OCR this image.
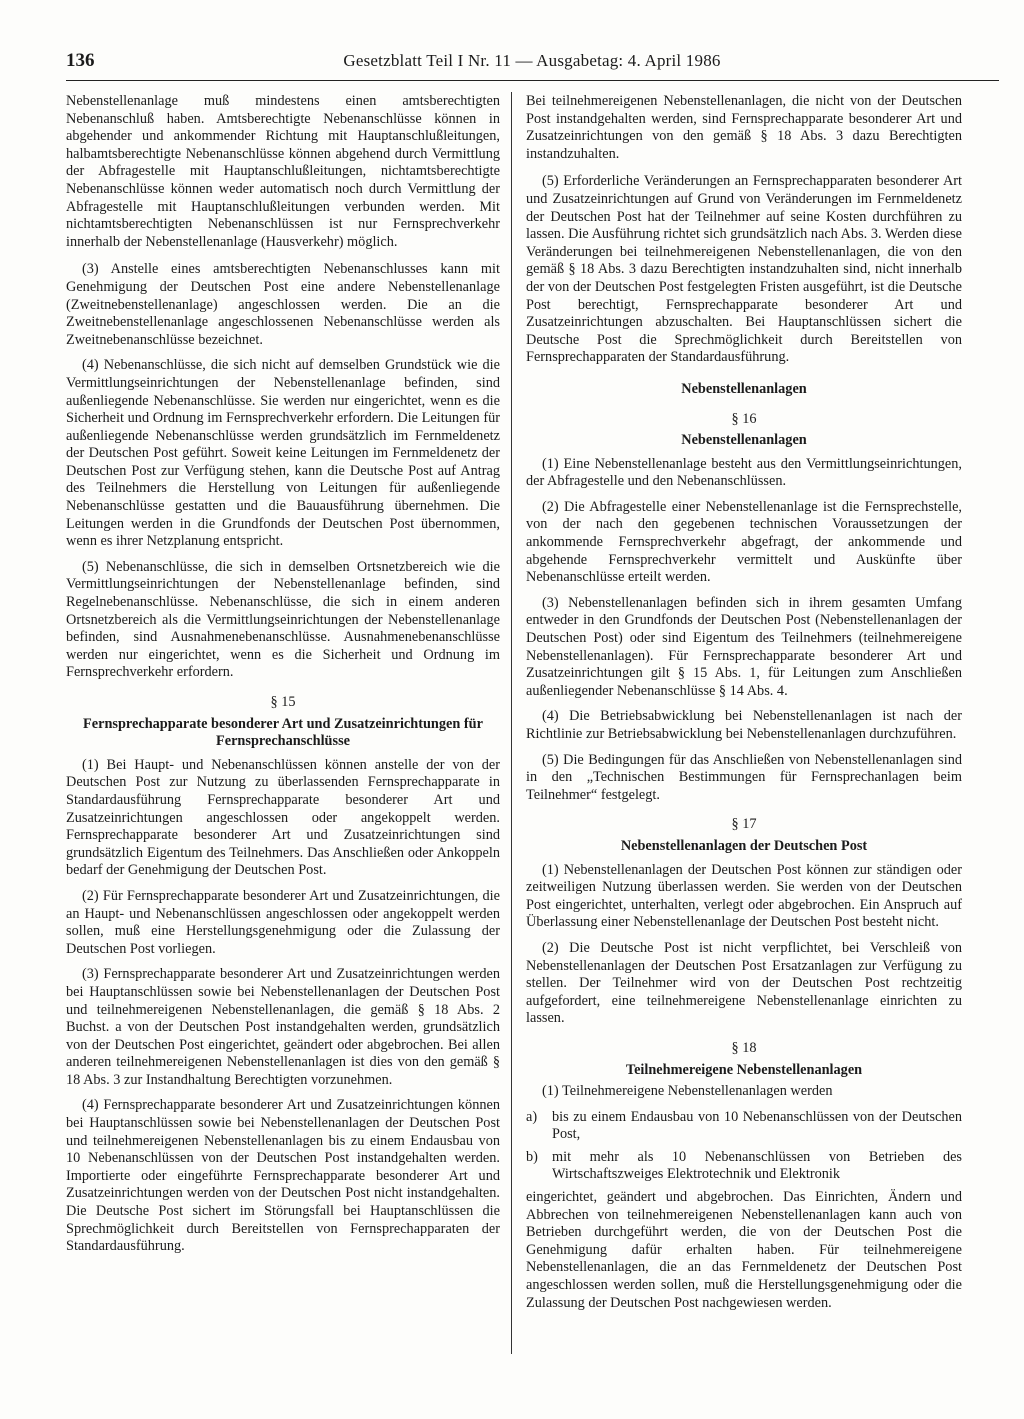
136	Gesetzblatt Teil I Nr. 11 — Ausgabetag: 4. April 1986

Nebenstellenanlage muß mindestens einen amtsberechtigten Nebenanschluß haben. Amtsberechtigte Nebenanschlüsse können in abgehender und ankommender Richtung mit Hauptanschlußleitungen, halbamtsberechtigte Nebenanschlüsse können abgehend durch Vermittlung der Abfragestelle mit Hauptanschlußleitungen, nichtamtsberechtigte Nebenanschlüsse können weder automatisch noch durch Vermittlung der Abfragestelle mit Hauptanschlußleitungen verbunden werden. Mit nichtamtsberechtigten Nebenanschlüssen ist nur Fernsprechverkehr innerhalb der Nebenstellenanlage (Hausverkehr) möglich.

(3) Anstelle eines amtsberechtigten Nebenanschlusses kann mit Genehmigung der Deutschen Post eine andere Nebenstellenanlage (Zweitnebenstellenanlage) angeschlossen werden. Die an die Zweitnebenstellenanlage angeschlossenen Nebenanschlüsse werden als Zweitnebenanschlüsse bezeichnet.

(4) Nebenanschlüsse, die sich nicht auf demselben Grundstück wie die Vermittlungseinrichtungen der Nebenstellenanlage befinden, sind außenliegende Nebenanschlüsse. Sie werden nur eingerichtet, wenn es die Sicherheit und Ordnung im Fernsprechverkehr erfordern. Die Leitungen für außenliegende Nebenanschlüsse werden grundsätzlich im Fernmeldenetz der Deutschen Post geführt. Soweit keine Leitungen im Fernmeldenetz der Deutschen Post zur Verfügung stehen, kann die Deutsche Post auf Antrag des Teilnehmers die Herstellung von Leitungen für außenliegende Nebenanschlüsse gestatten und die Bauausführung übernehmen. Die Leitungen werden in die Grundfonds der Deutschen Post übernommen, wenn es ihrer Netzplanung entspricht.

(5) Nebenanschlüsse, die sich in demselben Ortsnetzbereich wie die Vermittlungseinrichtungen der Nebenstellenanlage befinden, sind Regelnebenanschlüsse. Nebenanschlüsse, die sich in einem anderen Ortsnetzbereich als die Vermittlungseinrichtungen der Nebenstellenanlage befinden, sind Ausnahmenebenanschlüsse. Ausnahmenebenanschlüsse werden nur eingerichtet, wenn es die Sicherheit und Ordnung im Fernsprechverkehr erfordern.

§ 15
Fernsprechapparate besonderer Art und Zusatzeinrichtungen für Fernsprechanschlüsse

(1) Bei Haupt- und Nebenanschlüssen können anstelle der von der Deutschen Post zur Nutzung zu überlassenden Fernsprechapparate in Standardausführung Fernsprechapparate besonderer Art und Zusatzeinrichtungen angeschlossen oder angekoppelt werden. Fernsprechapparate besonderer Art und Zusatzeinrichtungen sind grundsätzlich Eigentum des Teilnehmers. Das Anschließen oder Ankoppeln bedarf der Genehmigung der Deutschen Post.

(2) Für Fernsprechapparate besonderer Art und Zusatzeinrichtungen, die an Haupt- und Nebenanschlüssen angeschlossen oder angekoppelt werden sollen, muß eine Herstellungsgenehmigung oder die Zulassung der Deutschen Post vorliegen.

(3) Fernsprechapparate besonderer Art und Zusatzeinrichtungen werden bei Hauptanschlüssen sowie bei Nebenstellenanlagen der Deutschen Post und teilnehmereigenen Nebenstellenanlagen, die gemäß § 18 Abs. 2 Buchst. a von der Deutschen Post instandgehalten werden, grundsätzlich von der Deutschen Post eingerichtet, geändert oder abgebrochen. Bei allen anderen teilnehmereigenen Nebenstellenanlagen ist dies von den gemäß § 18 Abs. 3 zur Instandhaltung Berechtigten vorzunehmen.

(4) Fernsprechapparate besonderer Art und Zusatzeinrichtungen können bei Hauptanschlüssen sowie bei Nebenstellenanlagen der Deutschen Post und teilnehmereigenen Nebenstellenanlagen bis zu einem Endausbau von 10 Nebenanschlüssen von der Deutschen Post instandgehalten werden. Importierte oder eingeführte Fernsprechapparate besonderer Art und Zusatzeinrichtungen werden von der Deutschen Post nicht instandgehalten. Die Deutsche Post sichert im Störungsfall bei Hauptanschlüssen die Sprechmöglichkeit durch Bereitstellen von Fernsprechapparaten der Standardausführung.

Bei teilnehmereigenen Nebenstellenanlagen, die nicht von der Deutschen Post instandgehalten werden, sind Fernsprechapparate besonderer Art und Zusatzeinrichtungen von den gemäß § 18 Abs. 3 dazu Berechtigten instandzuhalten.

(5) Erforderliche Veränderungen an Fernsprechapparaten besonderer Art und Zusatzeinrichtungen auf Grund von Veränderungen im Fernmeldenetz der Deutschen Post hat der Teilnehmer auf seine Kosten durchführen zu lassen. Die Ausführung richtet sich grundsätzlich nach Abs. 3. Werden diese Veränderungen bei teilnehmereigenen Nebenstellenanlagen, die von den gemäß § 18 Abs. 3 dazu Berechtigten instandzuhalten sind, nicht innerhalb der von der Deutschen Post festgelegten Fristen ausgeführt, ist die Deutsche Post berechtigt, Fernsprechapparate besonderer Art und Zusatzeinrichtungen abzuschalten. Bei Hauptanschlüssen sichert die Deutsche Post die Sprechmöglichkeit durch Bereitstellen von Fernsprechapparaten der Standardausführung.

Nebenstellenanlagen
§ 16
Nebenstellenanlagen

(1) Eine Nebenstellenanlage besteht aus den Vermittlungseinrichtungen, der Abfragestelle und den Nebenanschlüssen.

(2) Die Abfragestelle einer Nebenstellenanlage ist die Fernsprechstelle, von der nach den gegebenen technischen Voraussetzungen der ankommende Fernsprechverkehr abgefragt, der ankommende und abgehende Fernsprechverkehr vermittelt und Auskünfte über Nebenanschlüsse erteilt werden.

(3) Nebenstellenanlagen befinden sich in ihrem gesamten Umfang entweder in den Grundfonds der Deutschen Post (Nebenstellenanlagen der Deutschen Post) oder sind Eigentum des Teilnehmers (teilnehmereigene Nebenstellenanlagen). Für Fernsprechapparate besonderer Art und Zusatzeinrichtungen gilt § 15 Abs. 1, für Leitungen zum Anschließen außenliegender Nebenanschlüsse § 14 Abs. 4.

(4) Die Betriebsabwicklung bei Nebenstellenanlagen ist nach der Richtlinie zur Betriebsabwicklung bei Nebenstellenanlagen durchzuführen.

(5) Die Bedingungen für das Anschließen von Nebenstellenanlagen sind in den „Technischen Bestimmungen für Fernsprechanlagen beim Teilnehmer“ festgelegt.

§ 17
Nebenstellenanlagen der Deutschen Post

(1) Nebenstellenanlagen der Deutschen Post können zur ständigen oder zeitweiligen Nutzung überlassen werden. Sie werden von der Deutschen Post eingerichtet, unterhalten, verlegt oder abgebrochen. Ein Anspruch auf Überlassung einer Nebenstellenanlage der Deutschen Post besteht nicht.

(2) Die Deutsche Post ist nicht verpflichtet, bei Verschleiß von Nebenstellenanlagen der Deutschen Post Ersatzanlagen zur Verfügung zu stellen. Der Teilnehmer wird von der Deutschen Post rechtzeitig aufgefordert, eine teilnehmereigene Nebenstellenanlage einrichten zu lassen.

§ 18
Teilnehmereigene Nebenstellenanlagen

(1) Teilnehmereigene Nebenstellenanlagen werden

a)	bis zu einem Endausbau von 10 Nebenanschlüssen von der Deutschen Post,
b) mit mehr als 10 Nebenanschlüssen von Betrieben des Wirtschaftszweiges Elektrotechnik und Elektronik

eingerichtet, geändert und abgebrochen. Das Einrichten, Ändern und Abbrechen von teilnehmereigenen Nebenstellenanlagen kann auch von Betrieben durchgeführt werden, die von der Deutschen Post die Genehmigung dafür erhalten haben. Für teilnehmereigene Nebenstellenanlagen, die an das Fernmeldenetz der Deutschen Post angeschlossen werden sollen, muß die Herstellungsgenehmigung oder die Zulassung der Deutschen Post nachgewiesen werden.
